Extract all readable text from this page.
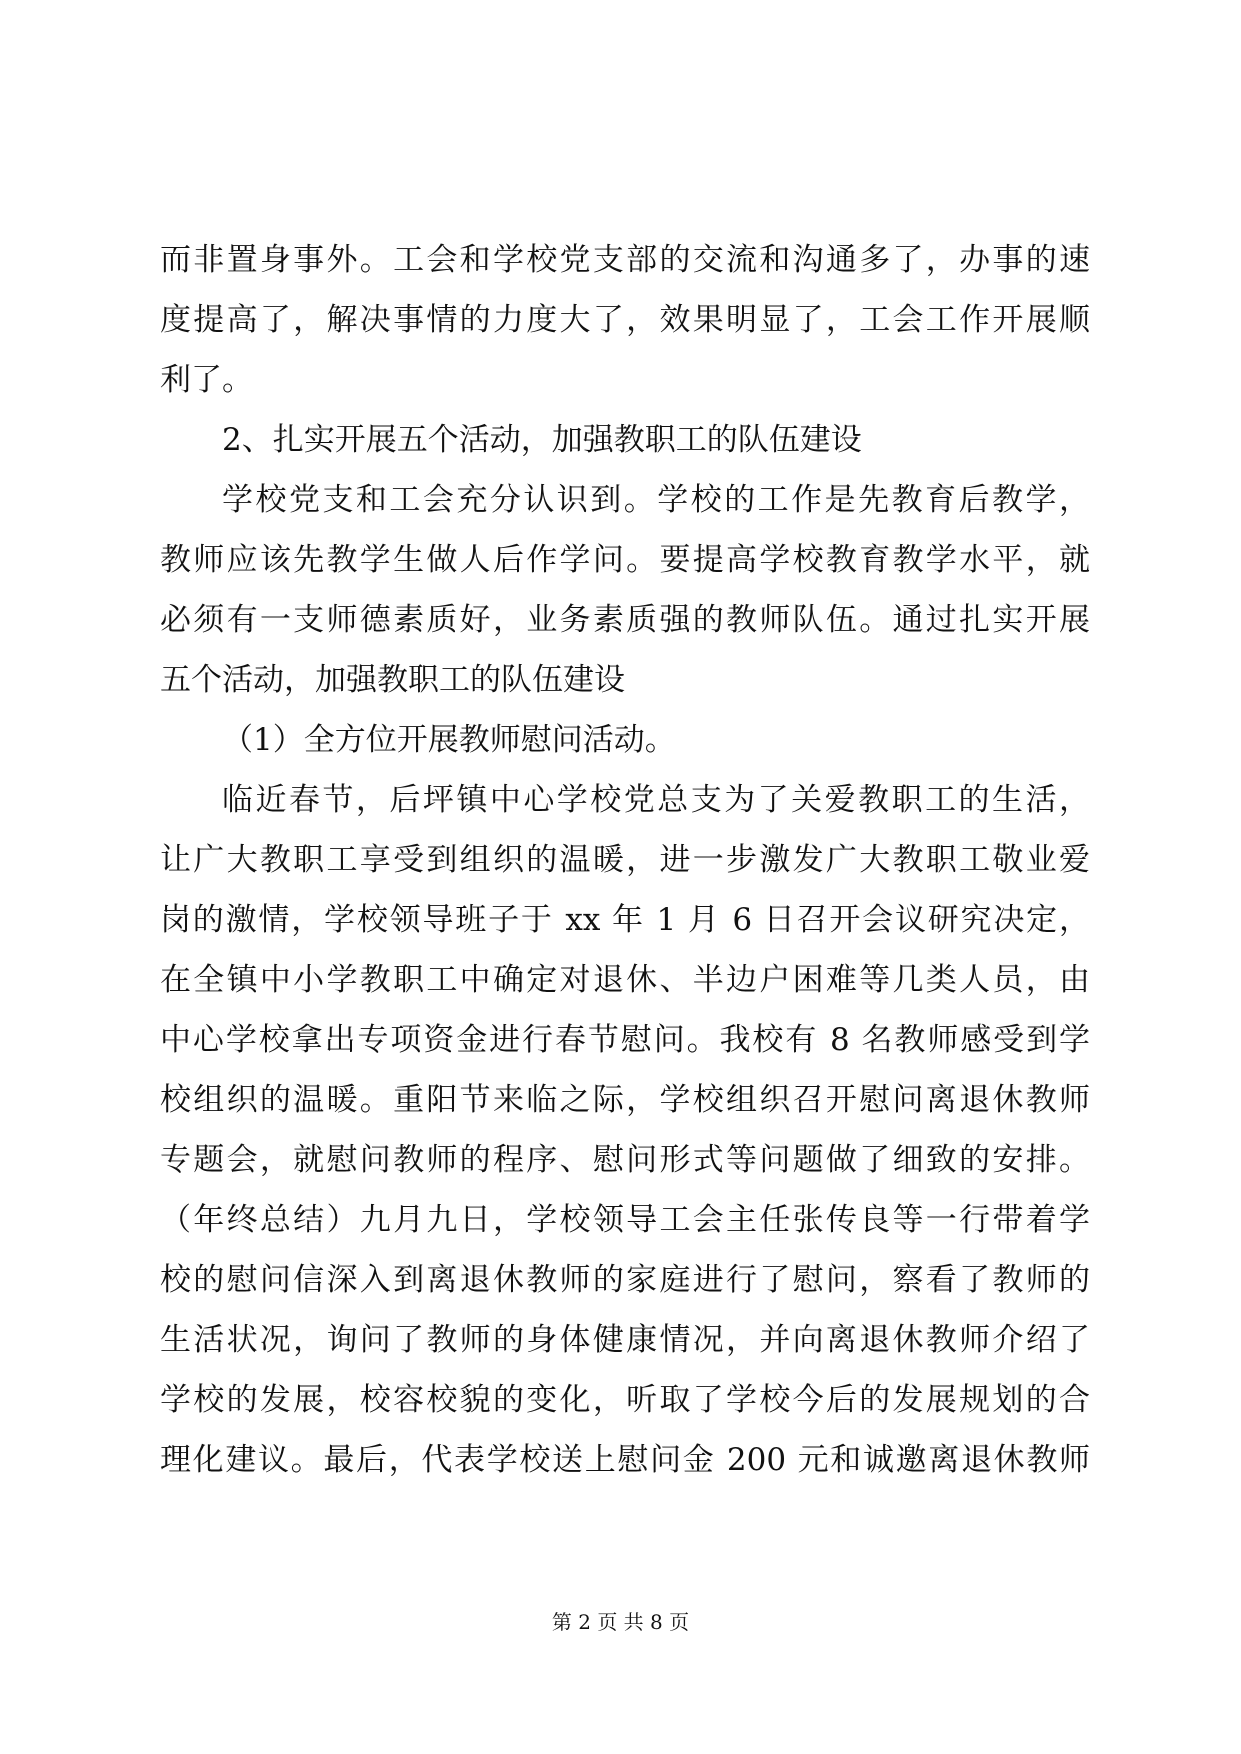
而非置身事外。工会和学校党支部的交流和沟通多了，办事的速
度提高了，解决事情的力度大了，效果明显了，工会工作开展顺
利了。
2、扎实开展五个活动，加强教职工的队伍建设
学校党支和工会充分认识到。学校的工作是先教育后教学，
教师应该先教学生做人后作学问。要提高学校教育教学水平，就
必须有一支师德素质好，业务素质强的教师队伍。通过扎实开展
五个活动，加强教职工的队伍建设
（1）全方位开展教师慰问活动。
临近春节，后坪镇中心学校党总支为了关爱教职工的生活，
让广大教职工享受到组织的温暖，进一步激发广大教职工敬业爱
岗的激情，学校领导班子于 xx 年 1 月 6 日召开会议研究决定，
在全镇中小学教职工中确定对退休、半边户困难等几类人员，由
中心学校拿出专项资金进行春节慰问。我校有 8 名教师感受到学
校组织的温暖。重阳节来临之际，学校组织召开慰问离退休教师
专题会，就慰问教师的程序、慰问形式等问题做了细致的安排。
（年终总结）九月九日，学校领导工会主任张传良等一行带着学
校的慰问信深入到离退休教师的家庭进行了慰问，察看了教师的
生活状况，询问了教师的身体健康情况，并向离退休教师介绍了
学校的发展，校容校貌的变化，听取了学校今后的发展规划的合
理化建议。最后，代表学校送上慰问金 200 元和诚邀离退休教师
第 2 页 共 8 页
